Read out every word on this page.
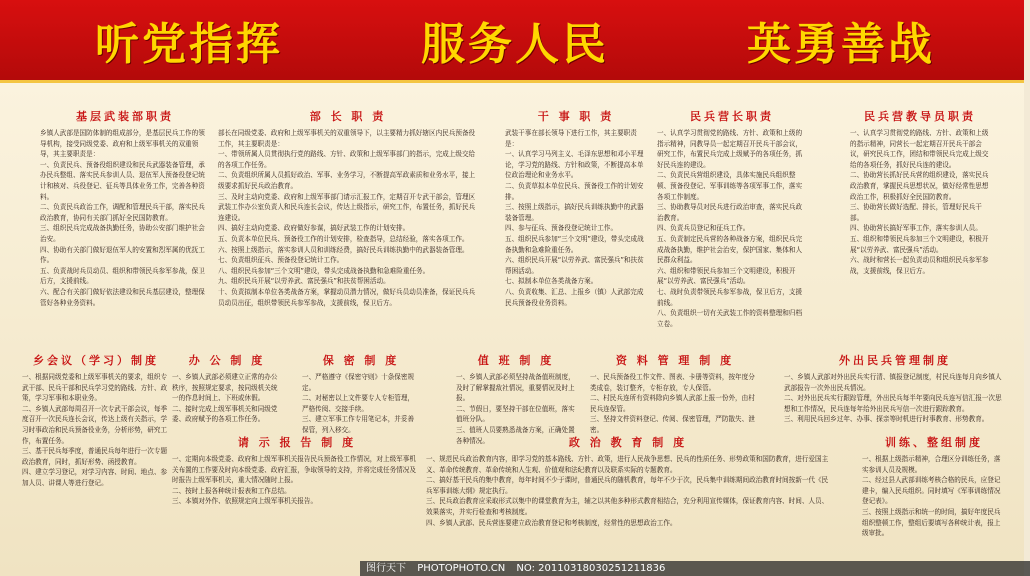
听党指挥	服务人民	英勇善战
基层武装部职责
乡镇人武部是国防体制的组成部分，是基层民兵工作的领导机构，接受同级党委、政府和上级军事机关的双重领导，其主要职责是：
一、负责民兵、预备役组织建设和民兵武器装备管理，承办民兵整组、落实民兵参训人员、退伍军人预备役登记统计和核对、兵役登记、征兵等具体业务工作，完善各种资料。
二、负责民兵政治工作，调配和管理民兵干部，落实民兵政治教育，协同有关部门抓好全民国防教育。
三、组织民兵完成战备执勤任务，协助公安部门维护社会治安。
四、协助有关部门做好退伍军人的安置和烈军属的优抚工作。
五、负责战时兵员动员、组织和带领民兵参军参战，保卫后方，支援前线。
六、配合有关部门做好依法建设和民兵基层建设，整理保管好各种业务资料。
部 长 职 责
部长在同级党委、政府和上级军事机关的双重领导下，以主要精力抓好辖区内民兵预备役工作，其主要职责是：
一、带领所属人员贯彻执行党的路线、方针、政策和上级军事部门的指示，完成上级交给的各项工作任务。
二、负责组织所属人员抓好政治、军事、业务学习，不断提高军政素质和业务水平，接上级要求抓好民兵政治教育。
三、及时主动向党委、政府和上级军事部门请示汇报工作，定期召开专武干部会，管理区武装工作办公室负责人和民兵连长会议，传达上级指示，研究工作，布置任务，抓好民兵连建设。
四、搞好主动向党委、政府做好参谋，搞好武装工作的计划安排。
五、负责本单位民兵、预备役工作的计划安排，检查指导，总结经验，落实各项工作。
六、按照上级指示，落实参训人员和训练经费，搞好民兵训练执勤中的武器装备管理。
七、负责组织征兵、预备役登记统计工作。
八、组织民兵参加“三个文明”建设，带头完成战备执勤和急难险重任务。
九、组织民兵开展“以劳养武、富民强兵”和扶贫帮困活动。
十、负责拟制本单位各类战备方案，掌握动员潜力情况，做好兵员动员准备，保证民兵兵员动员出征，组织带领民兵参军参战，支援前线，保卫后方。
干 事 职 责
武装干事在部长领导下进行工作，其主要职责是：
一、认真学习马列主义、毛泽东思想和邓小平理论，学习党的路线、方针和政策，不断提高本单位政治理论和业务水平。
二、负责草拟本单位民兵、预备役工作的计划安排。
三、按照上级指示，搞好民兵训练执勤中的武器装备管理。
四、参与征兵、预备役登记统计工作。
五、组织民兵参加“三个文明”建设，带头完成战备执勤和急难险重任务。
六、组织民兵开展“以劳养武、富民强兵”和扶贫帮困活动。
七、拟制本单位各类战备方案。
八、负责收集、汇总、上报乡（镇）人武部完成民兵预备役业务资料。
民兵营长职责
一、认真学习贯彻党的路线、方针、政策和上级的指示精神，同教导员一起定期召开民兵干部会议，研究工作，布置民兵完成上级赋予的各项任务，抓好民兵连的建设。
二、负责民兵营组织建设，具体实施民兵组织整顿、预备役登记、军事训练等各项军事工作，落实各项工作制度。
三、协助教导员对民兵进行政治审查，落实民兵政治教育。
四、负责兵员登记和征兵工作。
五、负责制定民兵营的各种战备方案，组织民兵完成战备执勤，维护社会治安，保护国家、集体和人民群众利益。
六、组织和带领民兵参加三个文明建设，积极开展“以劳养武、富民强兵”活动。
七、战时负责带领民兵参军参战，保卫后方，支援前线。
八、负责组织一切有关武装工作的资料整理和归档立卷。
民兵营教导员职责
一、认真学习贯彻党的路线、方针、政策和上级的指示精神，同营长一起定期召开民兵干部会议，研究民兵工作，团结和带领民兵完成上级交给的各项任务，抓好民兵连的建设。
二、协助营长抓好民兵营的组织建设，落实民兵政治教育，掌握民兵思想状况，做好经常性思想政治工作，积极抓好全民国防教育。
三、协助营长做好选配、排长，管理好民兵干部。
四、协助营长搞好军事工作，落实参训人员。
五、组织和带领民兵参加三个文明建设，积极开展“以劳养武、富民强兵”活动。
六、战时和营长一起负责动员和组织民兵参军参战，支援前线，保卫后方。
乡会议（学习）制度
一、根据同级党委和上级军事机关的要求，组织专武干部、民兵干部和民兵学习党的路线、方针、政策，学习军事和本职业务。
二、乡镇人武部每周召开一次专武干部会议，每季度召开一次民兵连长会议，传达上级有关指示，学习时事政治和民兵预备役业务，分析形势，研究工作，布置任务。
三、基干民兵每季度，普通民兵每年进行一次专题政治教育，同时，抓好形势、函授教育。
四、建立学习登记，对学习内容、时间、地点、参加人员、讲课人等进行登记。
办 公 制 度
一、乡镇人武部必须建立正常的办公秩序，按照规定要求，按同级机关统一的作息时间上、下班或休假。
二、接时完成上级军事机关和同级党委、政府赋予的各项工作任务。
保 密 制 度
一、严格遵守《保密守则》十条保密规定。
二、对秘密以上文件要专人专柜管理，严格传阅、交接手续。
三、建立军事工作专用笔记本，并妥善保管，列入移交。
值 班 制 度
一、乡镇人武部必须坚持战备值班制度，及时了解掌握敌社情况，重要情况及时上报。
二、节假日，要坚持干部在位值班，落实值班分队。
三、值班人员要熟悉战备方案，正确处置各种情况。
资 料 管 理 制 度
一、民兵预备役工作文件、图表、卡册等资料，按年度分类成卷，装订整齐，专柜存放，专人保管。
二、村民兵连所有资料除向乡镇人武部上报一份外，由村民兵连保管。
三、坚持文件资料登记、传阅、保密管理，严防散失、泄密。
外出民兵管理制度
一、乡镇人武部对外出民兵实行清、镇报登记制度，村民兵连每月向乡镇人武部报告一次外出民兵情况。
二、对外出民兵实行跟踪管理，外出民兵每半年要向民兵连写信汇报一次思想和工作情况，民兵连每年给外出民兵写信一次进行跟踪教育。
三、利用民兵回乡过年、办事、探亲等时机进行时事教育、形势教育。
请 示 报 告 制 度
一、定期向本级党委、政府和上级军事机关报告民兵预备役工作情况，对上级军事机关布置的工作要及时向本级党委、政府汇报，争取领导的支持，并将完成任务情况及时报告上级军事机关，重大情况随时上报。
二、按时上报各种统计报表和工作总结。
三、本镇对外作、依照规定向上级军事机关报告。
政 治 教 育 制 度
一、规范民兵政治教育内容，即学习党的基本路线、方针、政策，进行人民战争思想、民兵的性质任务、形势政策和国防教育，进行爱国主义、革命传统教育、革命传统和人生观、价值观和法纪教育以及联系实际的专题教育。
二、搞好基干民兵的集中教育，每年时间不少于课时，普通民兵的随机教育，每年不少于次，民兵集中训练期间政治教育时间按新一代《民兵军事训练大纲》规定执行。
三、民兵政治教育应采取形式以集中的课堂教育为主，辅之以其他多种形式教育相结合，充分利用宣传媒体，保证教育内容、时间、人员、效果落实，并实行检查和考核制度。
四、乡镇人武部、民兵营连要建立政治教育登记和考核制度，经常性的思想政治工作。
训练、整组制度
一、根据上级指示精神，合理区分训练任务，落实参训人员及规模。
二、经过县人武部训练考核合格的民兵，应登记建卡，编入民兵组织。同时填写《军事训练情况登记表》。
三、按照上级指示和统一的时间，搞好年度民兵组织整顿工作，整组后要填写各种统计表，报上级审批。
图行天下 PHOTOPHOTO.CN NO: 20110318030251211836
